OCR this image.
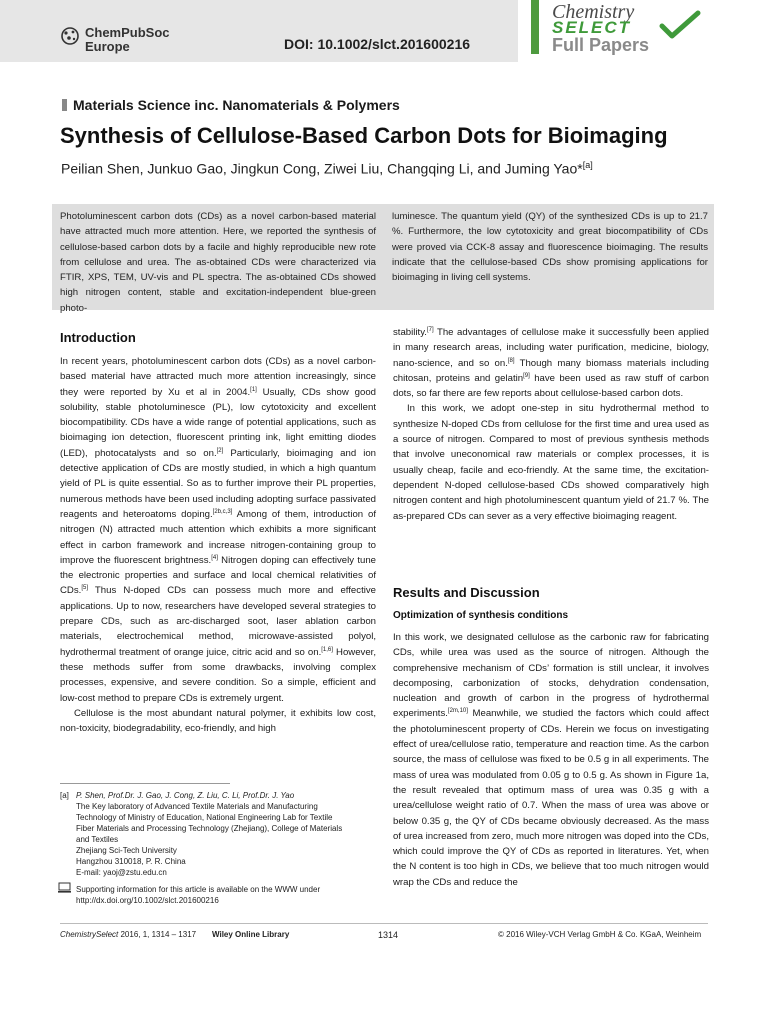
ChemPubSoc
Europe	DOI: 10.1002/slct.201600216
Chemistry
SELECT
Full Papers
Materials Science inc. Nanomaterials & Polymers
Synthesis of Cellulose-Based Carbon Dots for Bioimaging
Peilian Shen, Junkuo Gao, Jingkun Cong, Ziwei Liu, Changqing Li, and Juming Yao*[a]
Photoluminescent carbon dots (CDs) as a novel carbon-based material have attracted much more attention. Here, we reported the synthesis of cellulose-based carbon dots by a facile and highly reproducible new rote from cellulose and urea. The as-obtained CDs were characterized via FTIR, XPS, TEM, UV-vis and PL spectra. The as-obtained CDs showed high nitrogen content, stable and excitation-independent blue-green photo-
luminesce. The quantum yield (QY) of the synthesized CDs is up to 21.7 %. Furthermore, the low cytotoxicity and great biocompatibility of CDs were proved via CCK-8 assay and fluorescence bioimaging. The results indicate that the cellulose-based CDs show promising applications for bioimaging in living cell systems.
Introduction

In recent years, photoluminescent carbon dots (CDs) as a novel carbon-based material have attracted much more attention increasingly, since they were reported by Xu et al in 2004.[1] Usually, CDs show good solubility, stable photoluminesce (PL), low cytotoxicity and excellent biocompatibility. CDs have a wide range of potential applications, such as bioimaging ion detection, fluorescent printing ink, light emitting diodes (LED), photocatalysts and so on.[2] Particularly, bioimaging and ion detective application of CDs are mostly studied, in which a high quantum yield of PL is quite essential. So as to further improve their PL properties, numerous methods have been used including adopting surface passivated reagents and heteroatoms doping.[2b,c,3] Among of them, introduction of nitrogen (N) attracted much attention which exhibits a more significant effect in carbon framework and increase nitrogen-containing group to improve the fluorescent brightness.[4] Nitrogen doping can effectively tune the electronic properties and surface and local chemical relativities of CDs.[5] Thus N-doped CDs can possess much more and effective applications. Up to now, researchers have developed several strategies to prepare CDs, such as arc-discharged soot, laser ablation carbon materials, electrochemical method, microwave-assisted polyol, hydrothermal treatment of orange juice, citric acid and so on.[1,6] However, these methods suffer from some drawbacks, involving complex processes, expensive, and severe condition. So a simple, efficient and low-cost method to prepare CDs is extremely urgent.

Cellulose is the most abundant natural polymer, it exhibits low cost, non-toxicity, biodegradability, eco-friendly, and high

[a] P. Shen, Prof.Dr. J. Gao, J. Cong, Z. Liu, C. Li, Prof.Dr. J. Yao
The Key laboratory of Advanced Textile Materials and Manufacturing
Technology of Ministry of Education, National Engineering Lab for Textile
Fiber Materials and Processing Technology (Zhejiang), College of Materials
and Textiles
Zhejiang Sci-Tech University
Hangzhou 310018, P. R. China
E-mail: yaoj@zstu.edu.cn
Supporting information for this article is available on the WWW under
http://dx.doi.org/10.1002/slct.201600216

stability.[7] The advantages of cellulose make it successfully been applied in many research areas, including water purification, medicine, biology, nano-science, and so on.[8] Though many biomass materials including chitosan, proteins and gelatin[9] have been used as raw stuff of carbon dots, so far there are few reports about cellulose-based carbon dots.

In this work, we adopt one-step in situ hydrothermal method to synthesize N-doped CDs from cellulose for the first time and urea used as a source of nitrogen. Compared to most of previous synthesis methods that involve uneconomical raw materials or complex processes, it is usually cheap, facile and eco-friendly. At the same time, the excitation-dependent N-doped cellulose-based CDs showed comparatively high nitrogen content and high photoluminescent quantum yield of 21.7 %. The as-prepared CDs can sever as a very effective bioimaging reagent.

Results and Discussion
Optimization of synthesis conditions

In this work, we designated cellulose as the carbonic raw for fabricating CDs, while urea was used as the source of nitrogen. Although the comprehensive mechanism of CDs’ formation is still unclear, it involves decomposing, carbonization of stocks, dehydration condensation, nucleation and growth of carbon in the progress of hydrothermal experiments.[2m,10] Meanwhile, we studied the factors which could affect the photoluminescent property of CDs. Herein we focus on investigating effect of urea/cellulose ratio, temperature and reaction time. As the carbon source, the mass of cellulose was fixed to be 0.5 g in all experiments. The mass of urea was modulated from 0.05 g to 0.5 g. As shown in Figure 1a, the result revealed that optimum mass of urea was 0.35 g with a urea/cellulose weight ratio of 0.7. When the mass of urea was above or below 0.35 g, the QY of CDs became obviously decreased. As the mass of urea increased from zero, much more nitrogen was doped into the CDs, which could improve the QY of CDs as reported in literatures. Yet, when the N content is too high in CDs, we believe that too much nitrogen would wrap the CDs and reduce the

ChemistrySelect 2016, 1, 1314 – 1317 Wiley Online Library	1314	© 2016 Wiley-VCH Verlag GmbH & Co. KGaA, Weinheim
